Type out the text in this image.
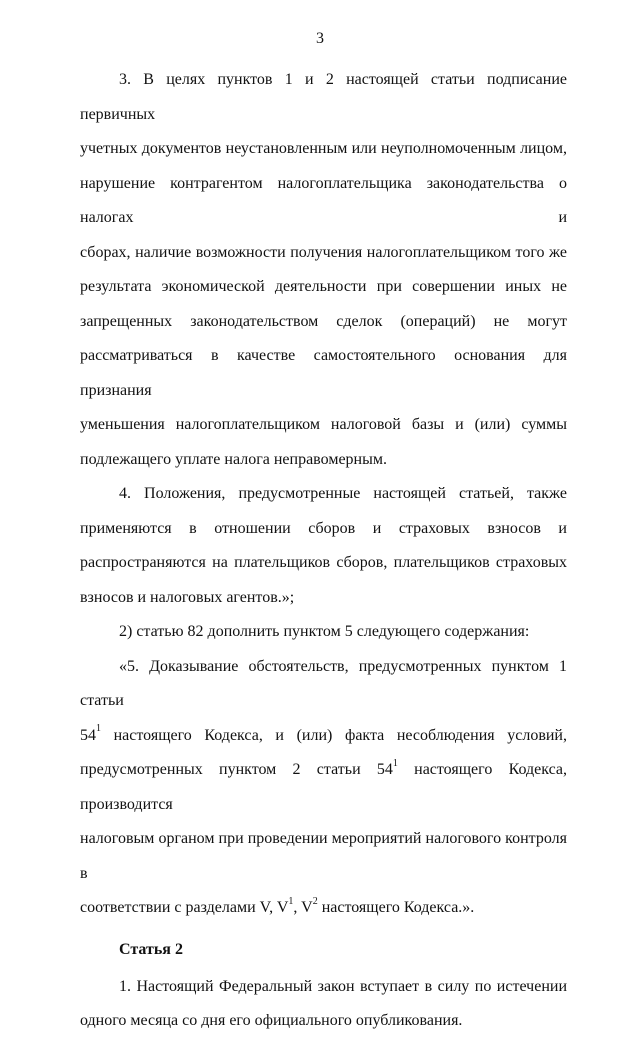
3

3. В целях пунктов 1 и 2 настоящей статьи подписание первичных
учетных документов неустановленным или неуполномоченным лицом,
нарушение контрагентом налогоплательщика законодательства о налогах и
сборах, наличие возможности получения налогоплательщиком того же
результата экономической деятельности при совершении иных не
запрещенных законодательством сделок (операций) не могут
рассматриваться в качестве самостоятельного основания для признания
уменьшения налогоплательщиком налоговой базы и (или) суммы
подлежащего уплате налога неправомерным.

4. Положения, предусмотренные настоящей статьей, также
применяются в отношении сборов и страховых взносов и
распространяются на плательщиков сборов, плательщиков страховых
взносов и налоговых агентов.»;

2) статью 82 дополнить пунктом 5 следующего содержания:

«5. Доказывание обстоятельств, предусмотренных пунктом 1 статьи
$54^1$ настоящего Кодекса, и (или) факта несоблюдения условий,
предусмотренных пунктом 2 статьи $54^1$ настоящего Кодекса, производится
налоговым органом при проведении мероприятий налогового контроля в
соответствии с разделами V, $V^1$, $V^2$ настоящего Кодекса.».

Статья 2

1. Настоящий Федеральный закон вступает в силу по истечении
одного месяца со дня его официального опубликования.
